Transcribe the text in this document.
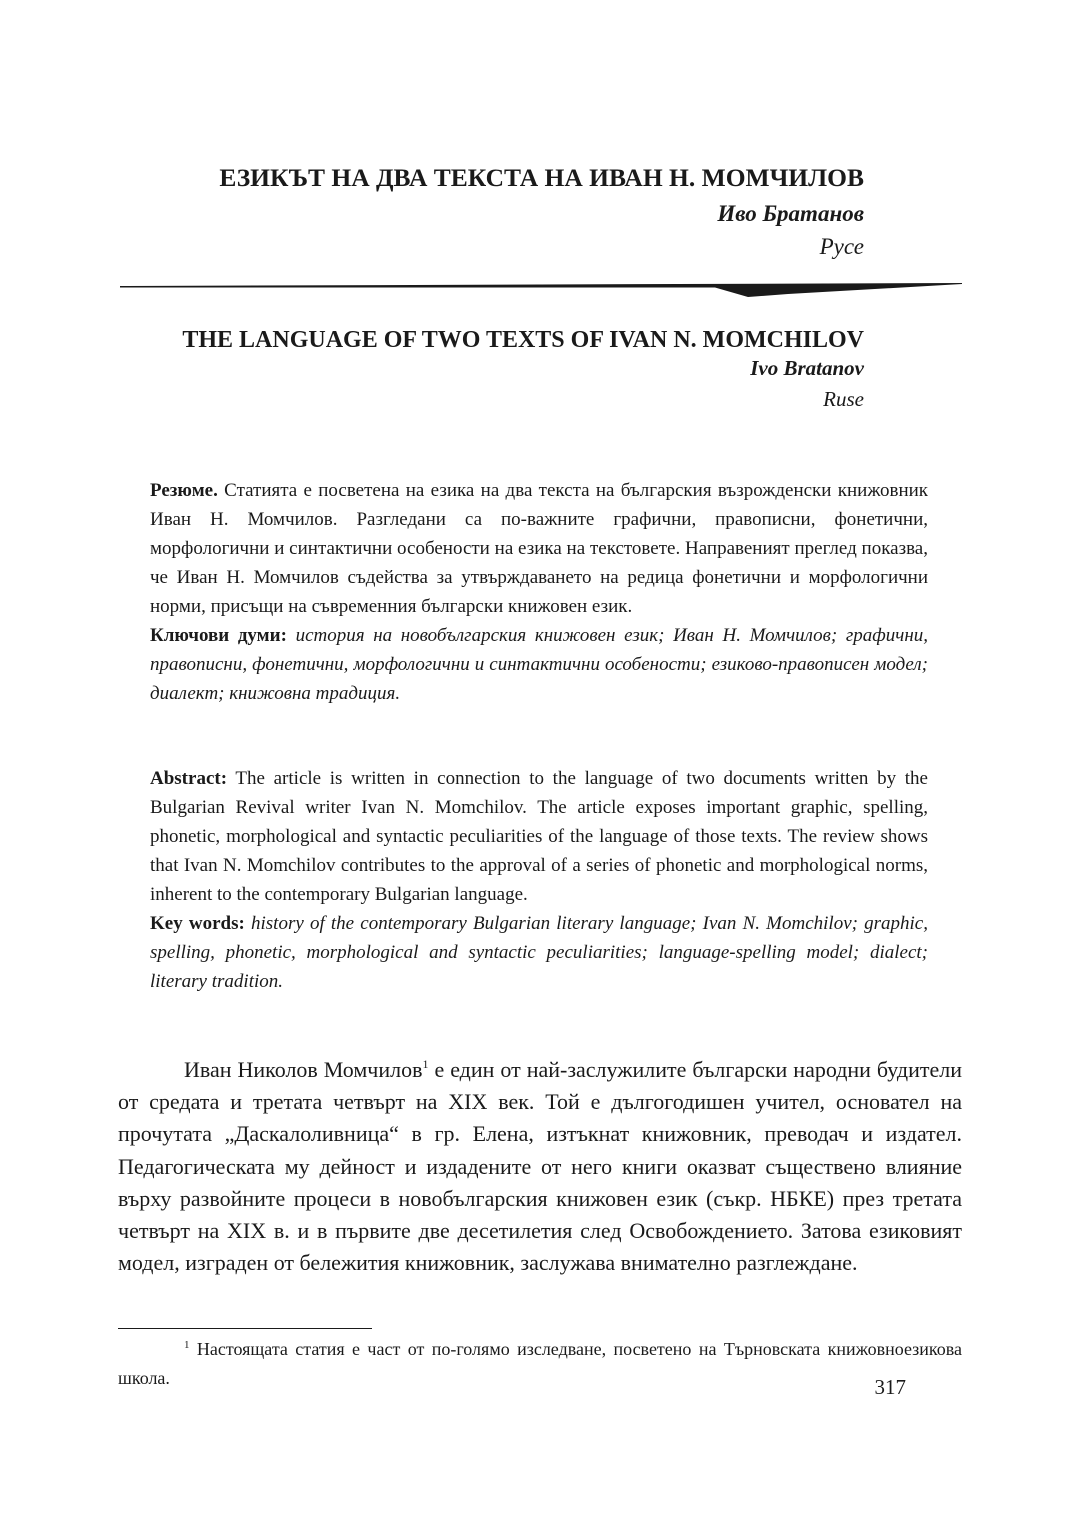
ЕЗИКЪТ НА ДВА ТЕКСТА НА ИВАН Н. МОМЧИЛОВ
Иво Братанов
Русе
THE LANGUAGE OF TWO TEXTS OF IVAN N. MOMCHILOV
Ivo Bratanov
Ruse
Резюме. Статията е посветена на езика на два текста на българския възрожденски книжовник Иван Н. Момчилов. Разгледани са по-важните графични, правописни, фонетични, морфологични и синтактични особености на езика на текстовете. Направеният преглед показва, че Иван Н. Момчилов съдейства за утвърждаването на редица фонетични и морфологични норми, присъщи на съвременния български книжовен език.
Ключови думи: история на новобългарския книжовен език; Иван Н. Момчилов; графични, правописни, фонетични, морфологични и синтактични особености; езиково-правописен модел; диалект; книжовна традиция.
Abstract: The article is written in connection to the language of two documents written by the Bulgarian Revival writer Ivan N. Momchilov. The article exposes important graphic, spelling, phonetic, morphological and syntactic peculiarities of the language of those texts. The review shows that Ivan N. Momchilov contributes to the approval of a series of phonetic and morphological norms, inherent to the contemporary Bulgarian language.
Key words: history of the contemporary Bulgarian literary language; Ivan N. Momchilov; graphic, spelling, phonetic, morphological and syntactic peculiarities; language-spelling model; dialect; literary tradition.
Иван Николов Момчилов$^1$ е един от най-заслужилите български народни будители от средата и третата четвърт на XIX век. Той е дългогодишен учител, основател на прочутата „Даскалоливница“ в гр. Елена, изтъкнат книжовник, преводач и издател. Педагогическата му дейност и издадените от него книги оказват съществено влияние върху развойните процеси в новобългарския книжовен език (съкр. НБКЕ) през третата четвърт на XIX в. и в първите две десетилетия след Освобождението. Затова езиковият модел, изграден от бележития книжовник, заслужава внимателно разглеждане.
$^1$ Настоящата статия е част от по-голямо изследване, посветено на Търновската книжовноезикова школа.	317
